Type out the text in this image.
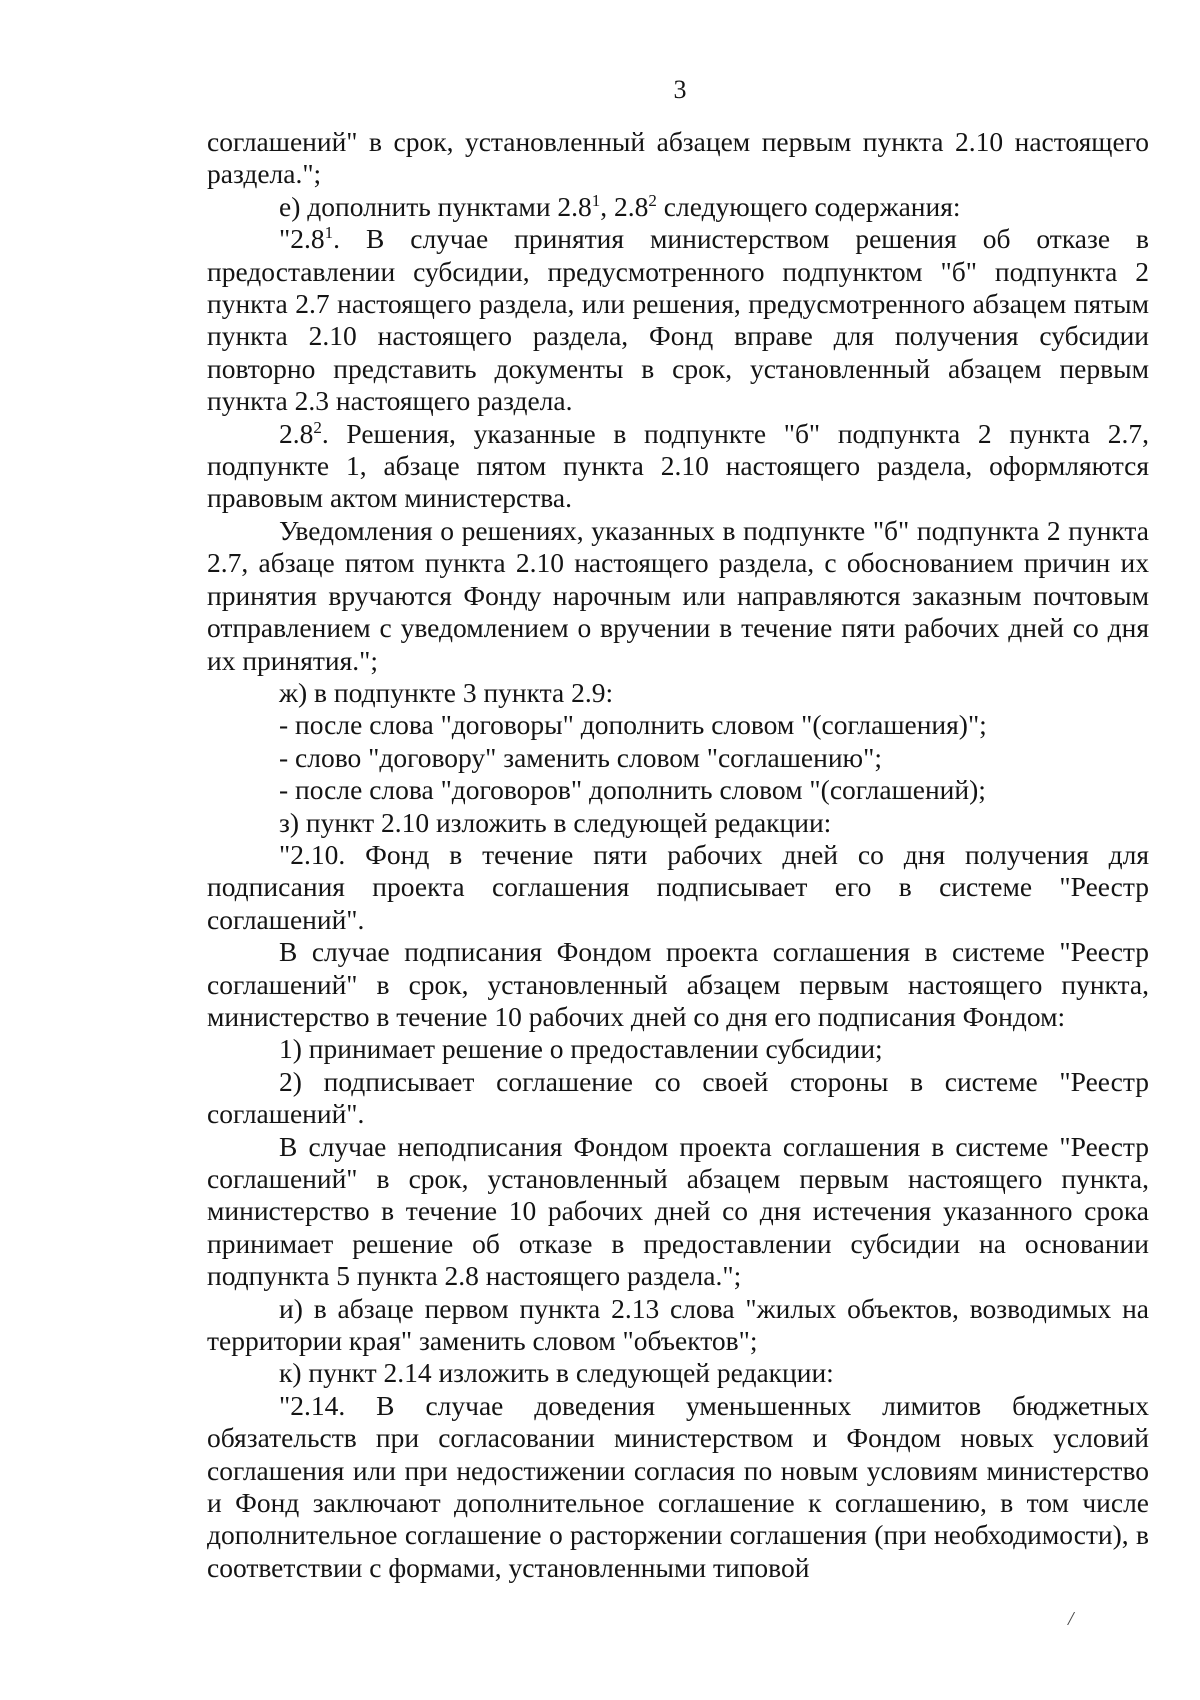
3

соглашений" в срок, установленный абзацем первым пункта 2.10 настоящего раздела.";

е) дополнить пунктами $2.8^1$, $2.8^2$ следующего содержания:

"$2.8^1$. В случае принятия министерством решения об отказе в предоставлении субсидии, предусмотренного подпунктом "б" подпункта 2 пункта 2.7 настоящего раздела, или решения, предусмотренного абзацем пятым пункта 2.10 настоящего раздела, Фонд вправе для получения субсидии повторно представить документы в срок, установленный абзацем первым пункта 2.3 настоящего раздела.

$2.8^2$. Решения, указанные в подпункте "б" подпункта 2 пункта 2.7, подпункте 1, абзаце пятом пункта 2.10 настоящего раздела, оформляются правовым актом министерства.

Уведомления о решениях, указанных в подпункте "б" подпункта 2 пункта 2.7, абзаце пятом пункта 2.10 настоящего раздела, с обоснованием причин их принятия вручаются Фонду нарочным или направляются заказным почтовым отправлением с уведомлением о вручении в течение пяти рабочих дней со дня их принятия.";

ж) в подпункте 3 пункта 2.9:

- после слова "договоры" дополнить словом "(соглашения)";

- слово "договору" заменить словом "соглашению";

- после слова "договоров" дополнить словом "(соглашений);

з) пункт 2.10 изложить в следующей редакции:

"2.10. Фонд в течение пяти рабочих дней со дня получения для подписания проекта соглашения подписывает его в системе "Реестр соглашений".

В случае подписания Фондом проекта соглашения в системе "Реестр соглашений" в срок, установленный абзацем первым настоящего пункта, министерство в течение 10 рабочих дней со дня его подписания Фондом:

1) принимает решение о предоставлении субсидии;

2) подписывает соглашение со своей стороны в системе "Реестр соглашений".

В случае неподписания Фондом проекта соглашения в системе "Реестр соглашений" в срок, установленный абзацем первым настоящего пункта, министерство в течение 10 рабочих дней со дня истечения указанного срока принимает решение об отказе в предоставлении субсидии на основании подпункта 5 пункта 2.8 настоящего раздела.";

и) в абзаце первом пункта 2.13 слова "жилых объектов, возводимых на территории края" заменить словом "объектов";

к) пункт 2.14 изложить в следующей редакции:

"2.14. В случае доведения уменьшенных лимитов бюджетных обязательств при согласовании министерством и Фондом новых условий соглашения или при недостижении согласия по новым условиям министерство и Фонд заключают дополнительное соглашение к соглашению, в том числе дополнительное соглашение о расторжении соглашения (при необходимости), в соответствии с формами, установленными типовой

/
